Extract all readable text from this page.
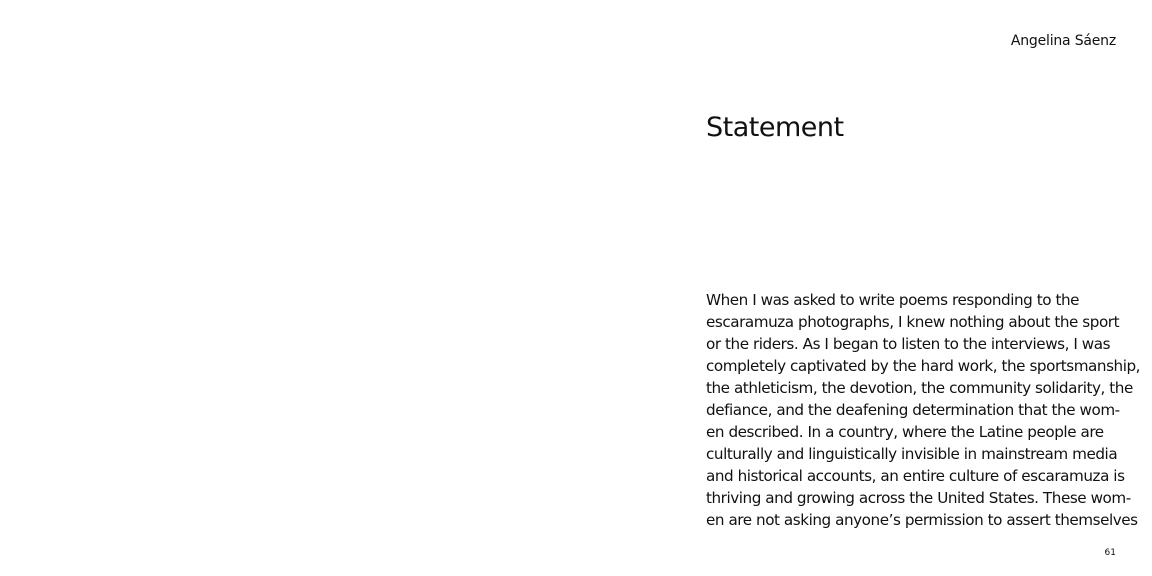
Angelina Sáenz
Statement
When I was asked to write poems responding to the
escaramuza photographs, I knew nothing about the sport
or the riders. As I began to listen to the interviews, I was
completely captivated by the hard work, the sportsmanship,
the athleticism, the devotion, the community solidarity, the
defiance, and the deafening determination that the wom-
en described. In a country, where the Latine people are
culturally and linguistically invisible in mainstream media
and historical accounts, an entire culture of escaramuza is
thriving and growing across the United States. These wom-
en are not asking anyone’s permission to assert themselves
61
